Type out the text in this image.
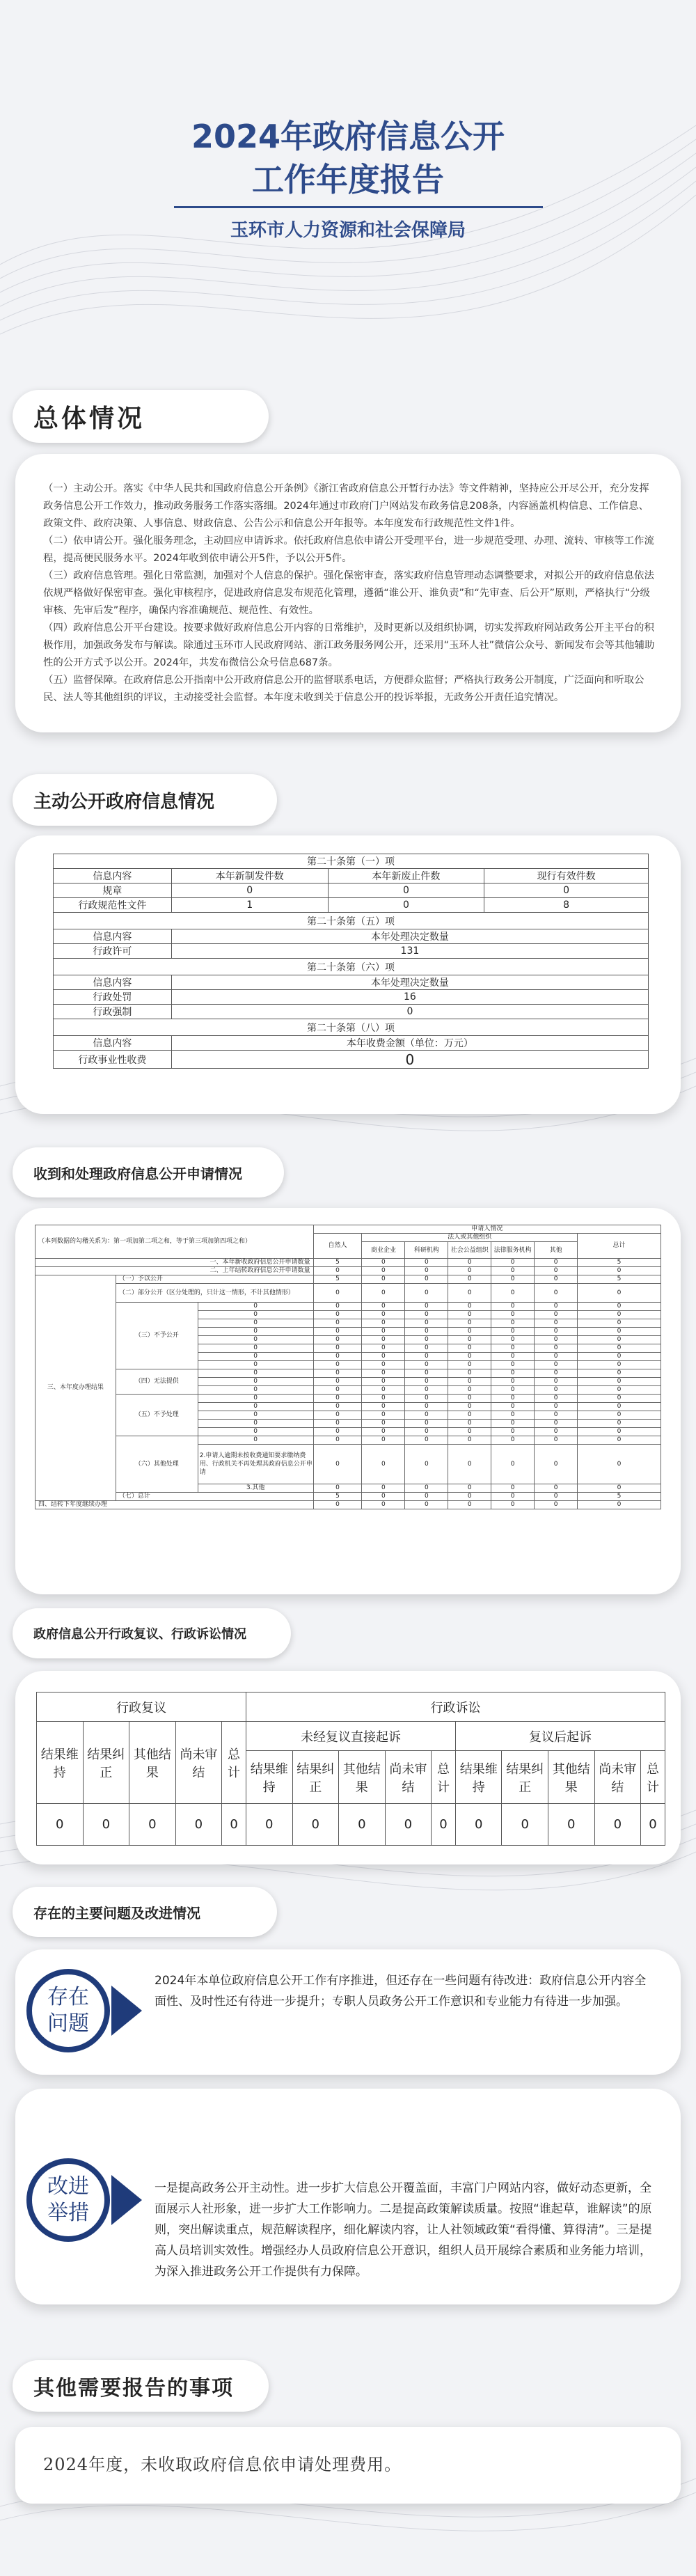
2024年政府信息公开
工作年度报告
玉环市人力资源和社会保障局
总体情况

（一）主动公开。落实《中华人民共和国政府信息公开条例》《浙江省政府信息公开暂行办法》等文件精神，坚持应公开尽公开，充分发挥政务信息公开工作效力，推动政务服务工作落实落细。2024年通过市政府门户网站发布政务信息208条，内容涵盖机构信息、工作信息、政策文件、政府决策、人事信息、财政信息、公告公示和信息公开年报等。本年度发布行政规范性文件1件。

（二）依申请公开。强化服务理念，主动回应申请诉求。依托政府信息依申请公开受理平台，进一步规范受理、办理、流转、审核等工作流程，提高便民服务水平。2024年收到依申请公开5件，予以公开5件。

（三）政府信息管理。强化日常监测，加强对个人信息的保护。强化保密审查，落实政府信息管理动态调整要求，对拟公开的政府信息依法依规严格做好保密审查。强化审核程序，促进政府信息发布规范化管理，遵循“谁公开、谁负责”和“先审查、后公开”原则，严格执行“分级审核、先审后发”程序，确保内容准确规范、规范性、有效性。

（四）政府信息公开平台建设。按要求做好政府信息公开内容的日常维护，及时更新以及组织协调，切实发挥政府网站政务公开主平台的积极作用，加强政务发布与解读。除通过玉环市人民政府网站、浙江政务服务网公开，还采用“玉环人社”微信公众号、新闻发布会等其他辅助性的公开方式予以公开。2024年，共发布微信公众号信息687条。

（五）监督保障。在政府信息公开指南中公开政府信息公开的监督联系电话，方便群众监督；严格执行政务公开制度，广泛面向和听取公民、法人等其他组织的评议，主动接受社会监督。本年度未收到关于信息公开的投诉举报，无政务公开责任追究情况。

主动公开政府信息情况
第二十条第（一）项			
信息内容	本年新制发件数	本年新废止件数	现行有效件数
规章	0	0	0
行政规范性文件	1	0	8
第二十条第（五）项			
信息内容	本年处理决定数量		
行政许可	131		
第二十条第（六）项			
信息内容	本年处理决定数量		
行政处罚	16		
行政强制	0		
第二十条第（八）项			
信息内容	本年收费金额（单位：万元）		
行政事业性收费	0		
收到和处理政府信息公开申请情况
（本列数据的勾稽关系为：第一项加第二项之和，等于第三项加第四项之和）			申请人情况						
			自然人	法人或其他组织					总计
				商业企业	科研机构	社会公益组织	法律服务机构	其他	
一、本年新收政府信息公开申请数量			5	0	0	0	0	0	5
二、上年结转政府信息公开申请数量			0	0	0	0	0	0	0
三、本年度办理结果	（一）予以公开		5	0	0	0	0	0	5
	（二）部分公开（区分处理的，只计这一情形，不计其他情形）		0	0	0	0	0	0	0
	（三）不予公开	0	0	0	0	0	0	0	0
		0	0	0	0	0	0	0	0
		0	0	0	0	0	0	0	0
		0	0	0	0	0	0	0	0
		0	0	0	0	0	0	0	0
		0	0	0	0	0	0	0	0
		0	0	0	0	0	0	0	0
		0	0	0	0	0	0	0	0
	（四）无法提供	0	0	0	0	0	0	0	0
		0	0	0	0	0	0	0	0
		0	0	0	0	0	0	0	0
	（五）不予处理	0	0	0	0	0	0	0	0
		0	0	0	0	0	0	0	0
		0	0	0	0	0	0	0	0
		0	0	0	0	0	0	0	0
		0	0	0	0	0	0	0	0
	（六）其他处理	0	0	0	0	0	0	0	0
		2.申请人逾期未按收费通知要求缴纳费用、行政机关不再处理其政府信息公开申请	0	0	0	0	0	0	0
		3.其他	0	0	0	0	0	0	0
	（七）总计		5	0	0	0	0	0	5
四、结转下年度继续办理			0	0	0	0	0	0	0
政府信息公开行政复议、行政诉讼情况
行政复议					行政诉讼									
结果维持	结果纠正	其他结果	尚未审结	总计	未经复议直接起诉					复议后起诉				
					结果维持	结果纠正	其他结果	尚未审结	总计	结果维持	结果纠正	其他结果	尚未审结	总计
0	0	0	0	0	0	0	0	0	0	0	0	0	0	0
存在的主要问题及改进情况
存在
问题
2024年本单位政府信息公开工作有序推进，但还存在一些问题有待改进：政府信息公开内容全面性、及时性还有待进一步提升；专职人员政务公开工作意识和专业能力有待进一步加强。
改进
举措
一是提高政务公开主动性。进一步扩大信息公开覆盖面，丰富门户网站内容，做好动态更新，全面展示人社形象，进一步扩大工作影响力。二是提高政策解读质量。按照“谁起草，谁解读”的原则，突出解读重点，规范解读程序，细化解读内容，让人社领域政策“看得懂、算得清”。三是提高人员培训实效性。增强经办人员政府信息公开意识，组织人员开展综合素质和业务能力培训，为深入推进政务公开工作提供有力保障。
其他需要报告的事项
2024年度，未收取政府信息依申请处理费用。
